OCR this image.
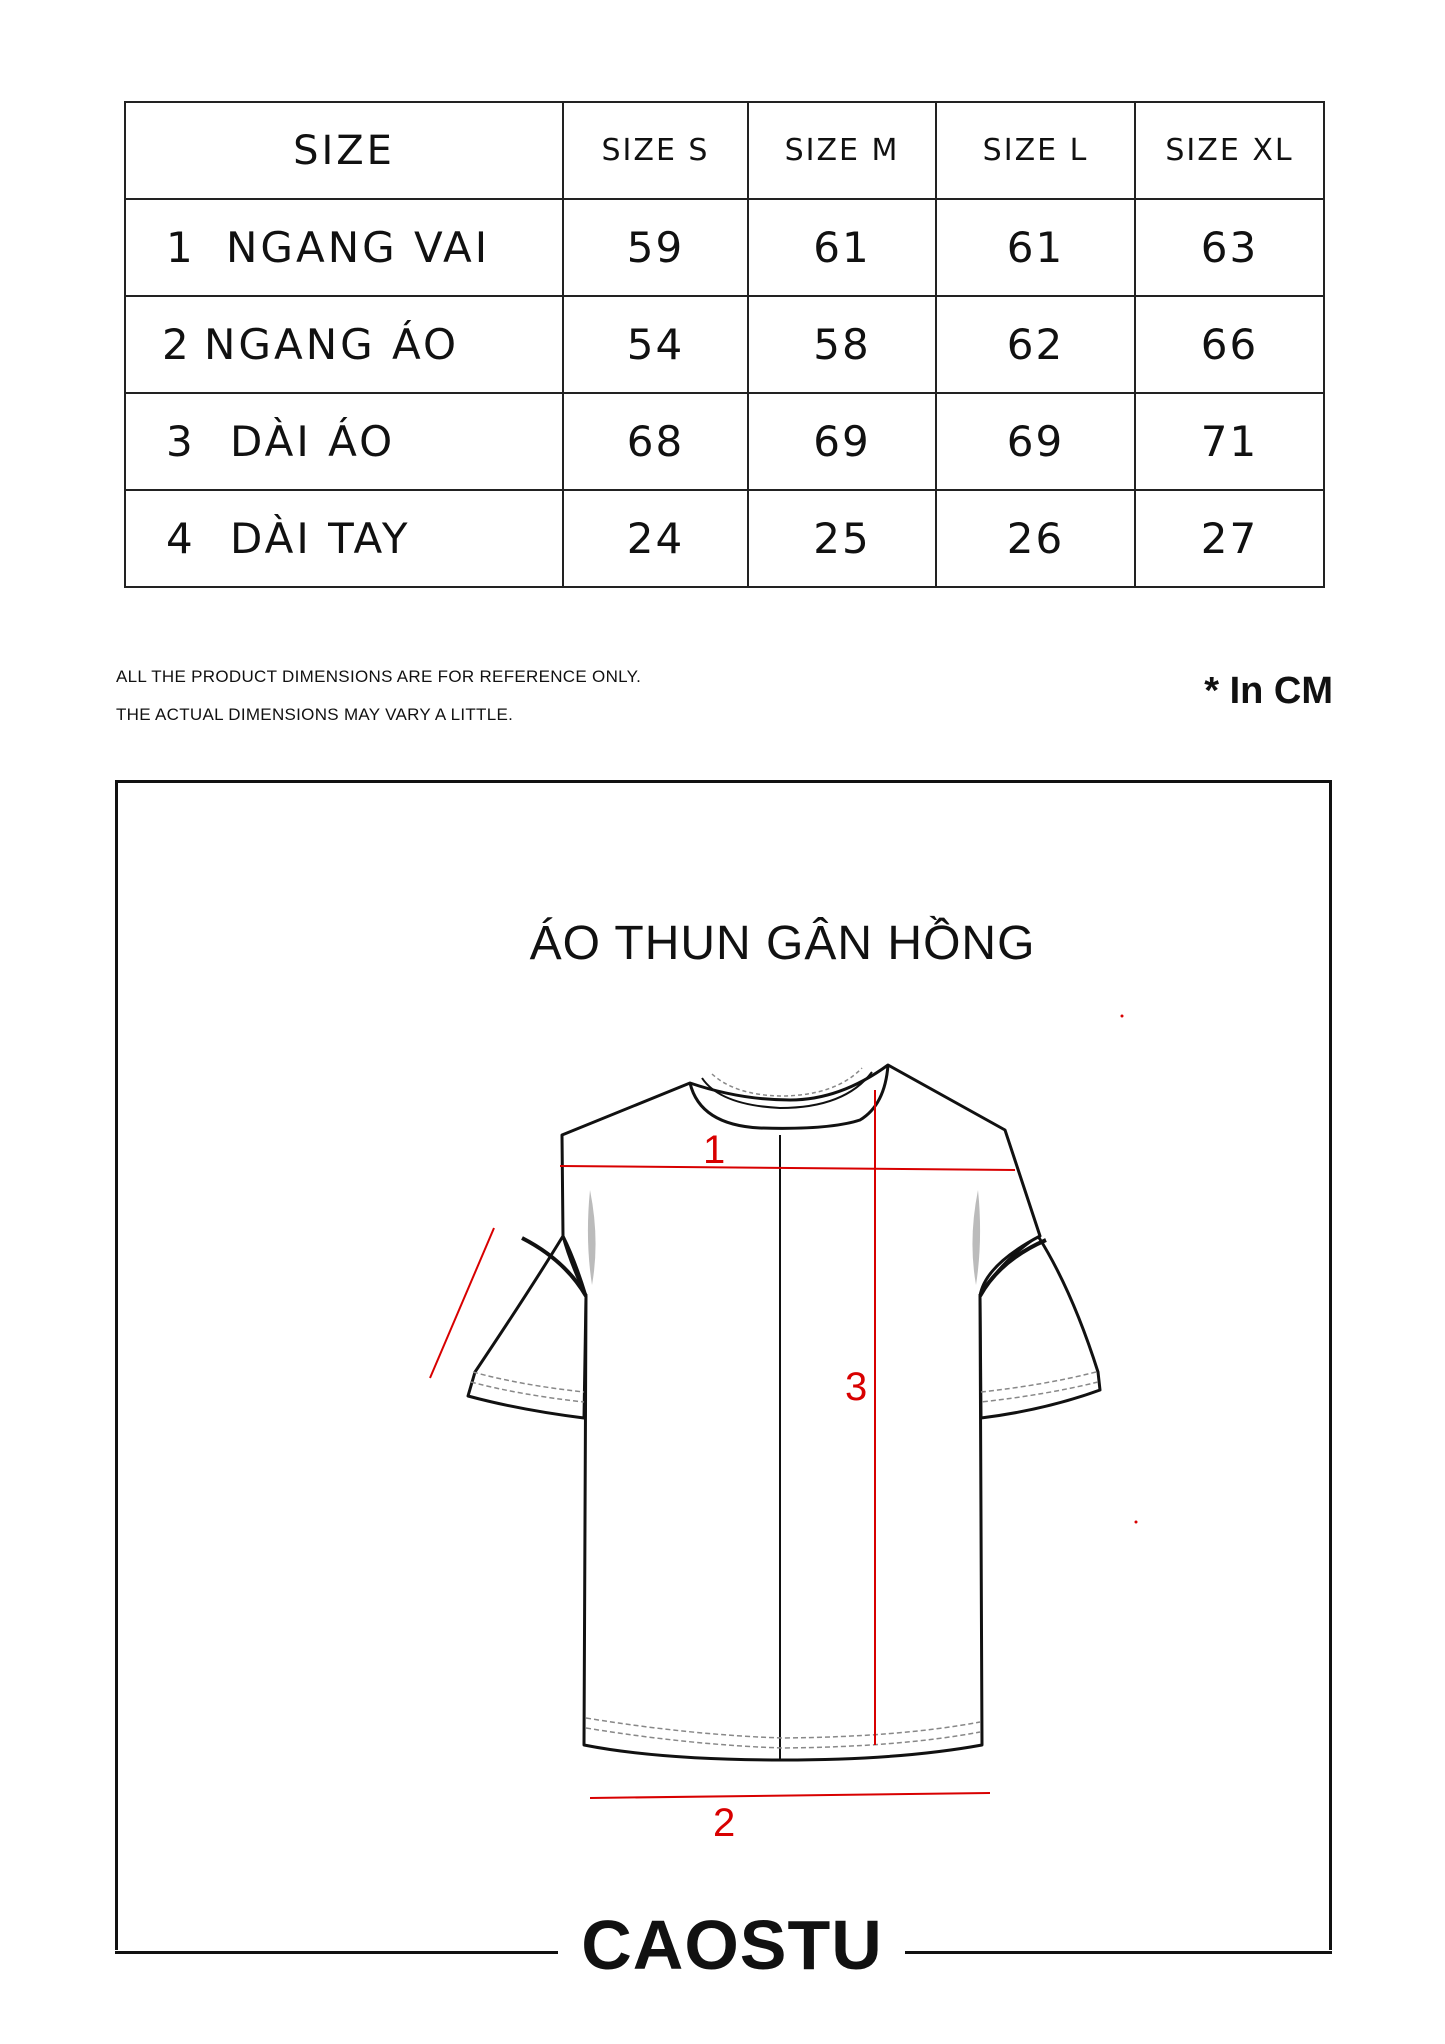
SIZE	SIZE S	SIZE M	SIZE L	SIZE XL
1 NGANG VAI	59	61	61	63
2 NGANG ÁO	54	58	62	66
3 DÀI ÁO	68	69	69	71
4 DÀI TAY	24	25	26	27
ALL THE PRODUCT DIMENSIONS ARE FOR REFERENCE ONLY.
THE ACTUAL DIMENSIONS MAY VARY A LITTLE.
* In CM
ÁO THUN GÂN HỒNG
1
2
3
CAOSTU
